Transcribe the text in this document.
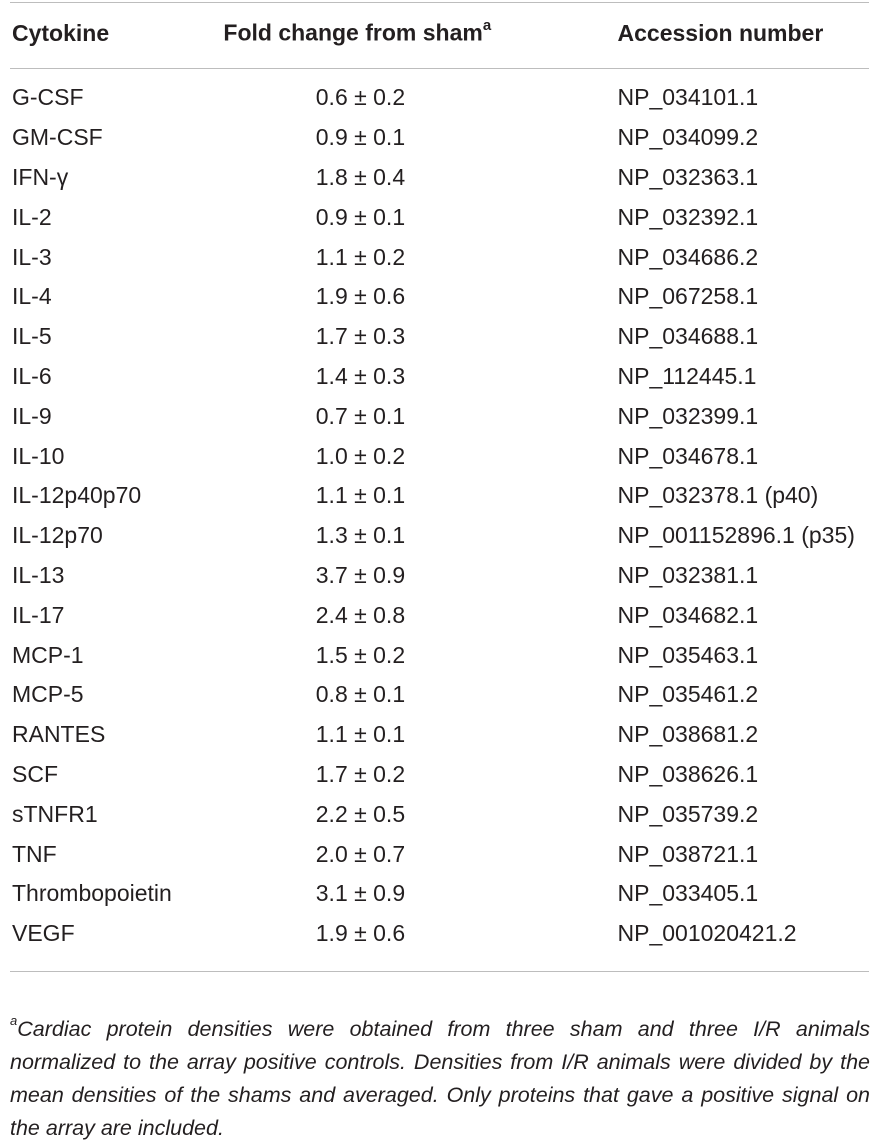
Cytokine	Fold change from sham$^a$	Accession number

G-CSF	0.6 ± 0.2	NP_034101.1
GM-CSF	0.9 ± 0.1	NP_034099.2
IFN-γ	1.8 ± 0.4	NP_032363.1
IL-2	0.9 ± 0.1	NP_032392.1
IL-3	1.1 ± 0.2	NP_034686.2
IL-4	1.9 ± 0.6	NP_067258.1
IL-5	1.7 ± 0.3	NP_034688.1
IL-6	1.4 ± 0.3	NP_112445.1
IL-9	0.7 ± 0.1	NP_032399.1
IL-10	1.0 ± 0.2	NP_034678.1
IL-12p40p70	1.1 ± 0.1	NP_032378.1 (p40)
IL-12p70	1.3 ± 0.1	NP_001152896.1 (p35)
IL-13	3.7 ± 0.9	NP_032381.1
IL-17	2.4 ± 0.8	NP_034682.1
MCP-1	1.5 ± 0.2	NP_035463.1
MCP-5	0.8 ± 0.1	NP_035461.2
RANTES	1.1 ± 0.1	NP_038681.2
SCF	1.7 ± 0.2	NP_038626.1
sTNFR1	2.2 ± 0.5	NP_035739.2
TNF	2.0 ± 0.7	NP_038721.1
Thrombopoietin	3.1 ± 0.9	NP_033405.1
VEGF	1.9 ± 0.6	NP_001020421.2

$^a$Cardiac protein densities were obtained from three sham and three I/R animals normalized to the array positive controls. Densities from I/R animals were divided by the mean densities of the shams and averaged. Only proteins that gave a positive signal on the array are included.
